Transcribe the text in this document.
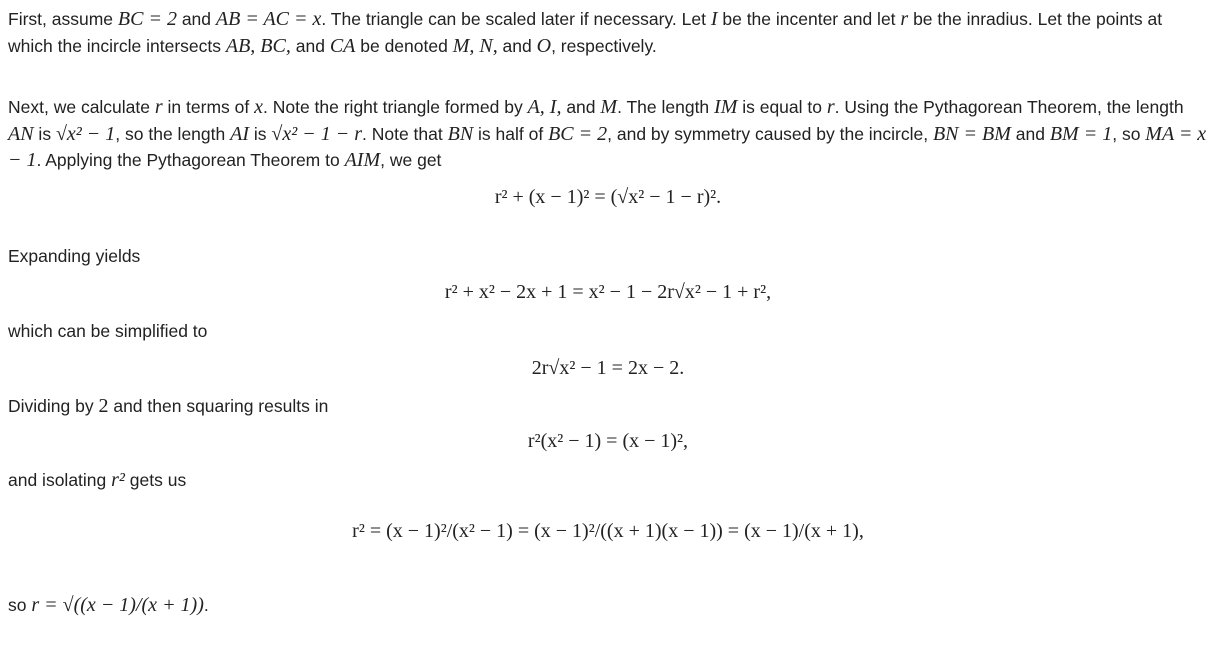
First, assume BC = 2 and AB = AC = x. The triangle can be scaled later if necessary. Let I be the incenter and let r be the inradius. Let the points at which the incircle intersects AB, BC, and CA be denoted M, N, and O, respectively.

Next, we calculate r in terms of x. Note the right triangle formed by A, I, and M. The length IM is equal to r. Using the Pythagorean Theorem, the length AN is √x² − 1, so the length AI is √x² − 1 − r. Note that BN is half of BC = 2, and by symmetry caused by the incircle, BN = BM and BM = 1, so MA = x − 1. Applying the Pythagorean Theorem to AIM, we get

r² + (x − 1)² = (√x² − 1 − r)².

Expanding yields

r² + x² − 2x + 1 = x² − 1 − 2r√x² − 1 + r²,

which can be simplified to

2r√x² − 1 = 2x − 2.

Dividing by 2 and then squaring results in

r²(x² − 1) = (x − 1)²,

and isolating r² gets us

r² = (x − 1)²/(x² − 1) = (x − 1)²/((x + 1)(x − 1)) = (x − 1)/(x + 1),

so r = √((x − 1)/(x + 1)).
